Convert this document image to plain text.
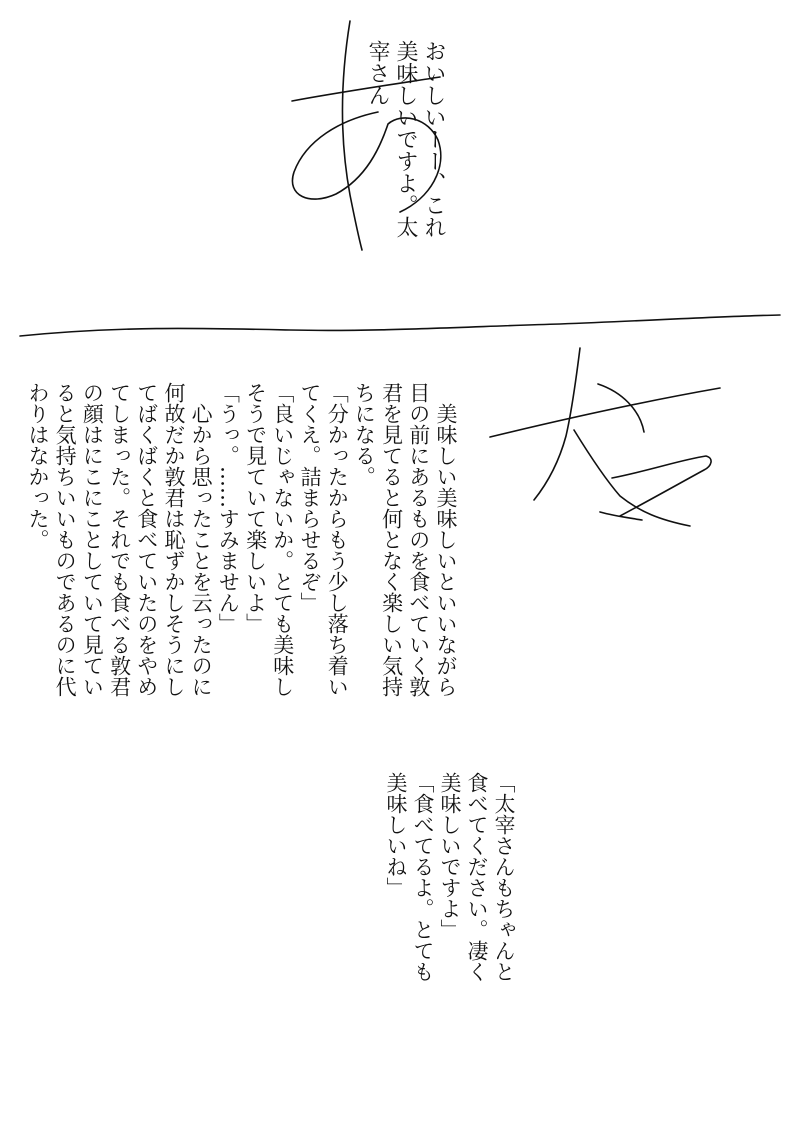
おいしいーー、これ
美味しいですよ。太
宰さん
　美味しい美味しいといいながら
目の前にあるものを食べていく敦
君を見てると何となく楽しい気持
ちになる。
「分かったからもう少し落ち着い
てくえ。詰まらせるぞ」
「良いじゃないか。とても美味し
そうで見ていて楽しいよ」
「うっ。……すみません」
　心から思ったことを云ったのに
何故だか敦君は恥ずかしそうにし
てばくばくと食べていたのをやめ
てしまった。それでも食べる敦君
の顔はにこにことしていて見てい
ると気持ちいいものであるのに代
わりはなかった。
「太宰さんもちゃんと
食べてください。凄く
美味しいですよ」
「食べてるよ。とても
美味しいね」
